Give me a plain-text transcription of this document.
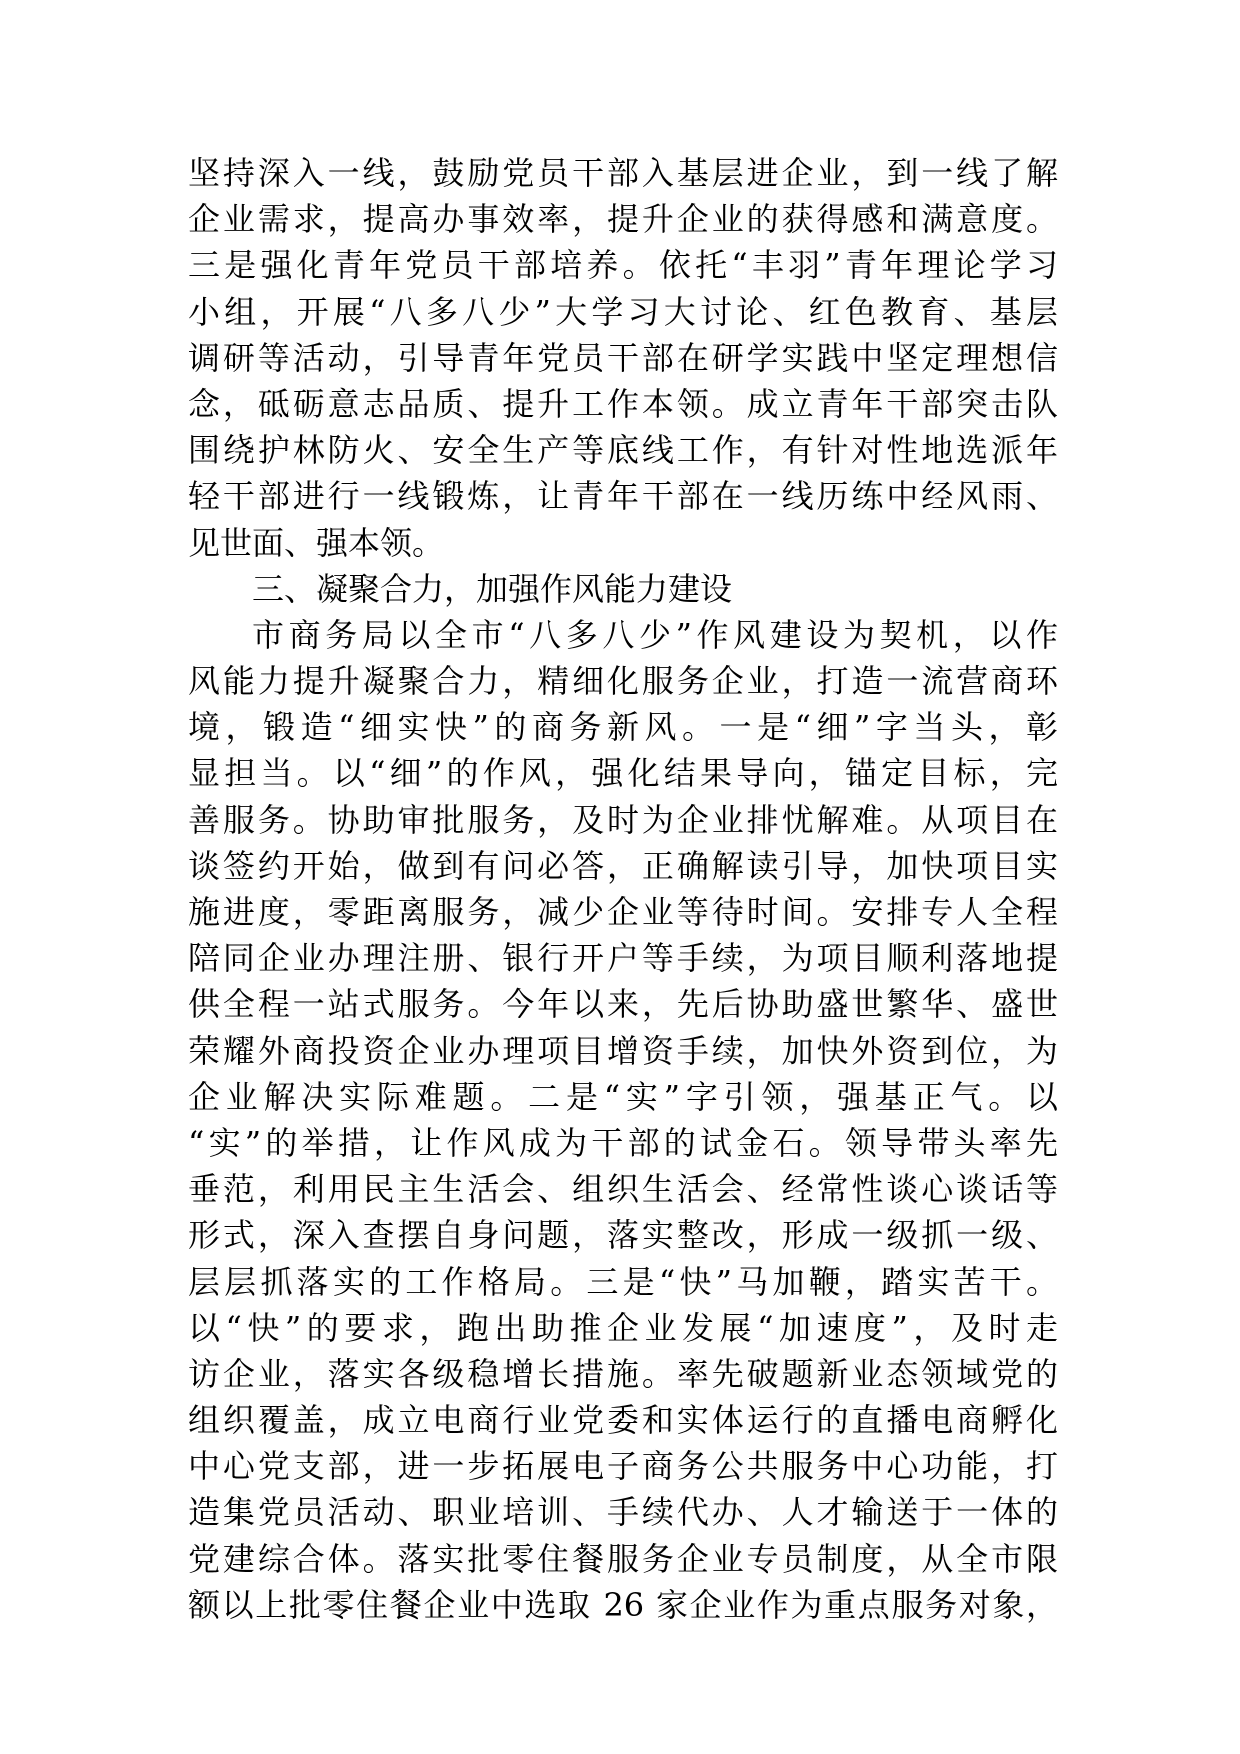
坚持深入一线，鼓励党员干部入基层进企业，到一线了解
企业需求，提高办事效率，提升企业的获得感和满意度。
三是强化青年党员干部培养。依托“丰羽”青年理论学习
小组，开展“八多八少”大学习大讨论、红色教育、基层
调研等活动，引导青年党员干部在研学实践中坚定理想信
念，砥砺意志品质、提升工作本领。成立青年干部突击队
围绕护林防火、安全生产等底线工作，有针对性地选派年
轻干部进行一线锻炼，让青年干部在一线历练中经风雨、
见世面、强本领。
三、凝聚合力，加强作风能力建设
市商务局以全市“八多八少”作风建设为契机，以作
风能力提升凝聚合力，精细化服务企业，打造一流营商环
境，锻造“细实快”的商务新风。一是“细”字当头，彰
显担当。以“细”的作风，强化结果导向，锚定目标，完
善服务。协助审批服务，及时为企业排忧解难。从项目在
谈签约开始，做到有问必答，正确解读引导，加快项目实
施进度，零距离服务，减少企业等待时间。安排专人全程
陪同企业办理注册、银行开户等手续，为项目顺利落地提
供全程一站式服务。今年以来，先后协助盛世繁华、盛世
荣耀外商投资企业办理项目增资手续，加快外资到位，为
企业解决实际难题。二是“实”字引领，强基正气。以
“实”的举措，让作风成为干部的试金石。领导带头率先
垂范，利用民主生活会、组织生活会、经常性谈心谈话等
形式，深入查摆自身问题，落实整改，形成一级抓一级、
层层抓落实的工作格局。三是“快”马加鞭，踏实苦干。
以“快”的要求，跑出助推企业发展“加速度”，及时走
访企业，落实各级稳增长措施。率先破题新业态领域党的
组织覆盖，成立电商行业党委和实体运行的直播电商孵化
中心党支部，进一步拓展电子商务公共服务中心功能，打
造集党员活动、职业培训、手续代办、人才输送于一体的
党建综合体。落实批零住餐服务企业专员制度，从全市限
额以上批零住餐企业中选取 26 家企业作为重点服务对象，
